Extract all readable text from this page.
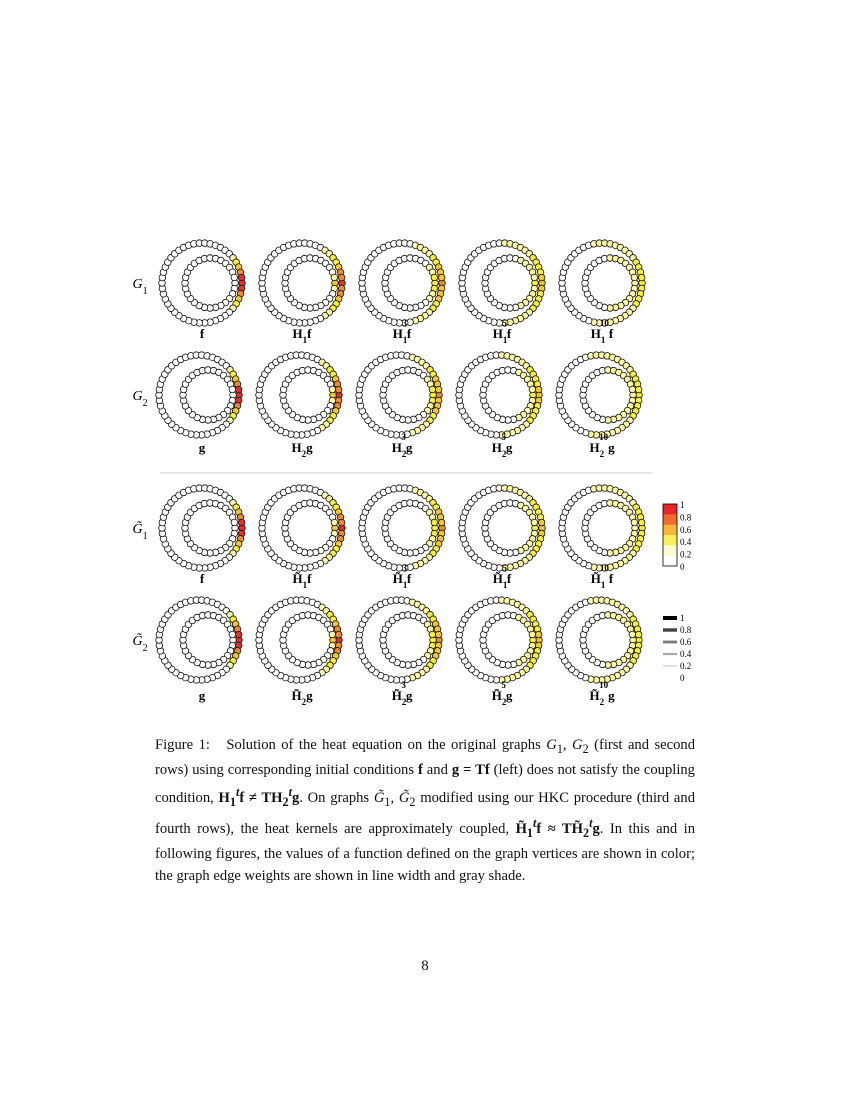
$G_1$
f	$H_1f$	$H_13f$	$H_15f$	$H_110f$
$G_2$
g	$H_2g$	$H_23g$	$H_25g$	$H_210g$
$G̃_1$
f	$H̃_1f$	$H̃_13f$	$H̃_15f$	$H̃_110f$
$G̃_2$
g	$H̃_2g$	$H̃_23g$	$H̃_25g$	$H̃_210g$
1
0.8
0.6
0.4
0.2
0
1
0.8
0.6
0.4
0.2
0
Figure 1: Solution of the heat equation on the original graphs $G_1$, $G_2$ (first and second rows) using corresponding initial conditions f and g = Tf (left) does not satisfy the coupling condition, $H_1^tf \ne TH_2^tg$. On graphs $G̃_1$, $G̃_2$ modified using our HKC procedure (third and fourth rows), the heat kernels are approximately coupled, $H̃_1^tf$ ≈ $TH̃_2^tg$. In this and in following figures, the values of a function defined on the graph vertices are shown in color; the graph edge weights are shown in line width and gray shade.
8
